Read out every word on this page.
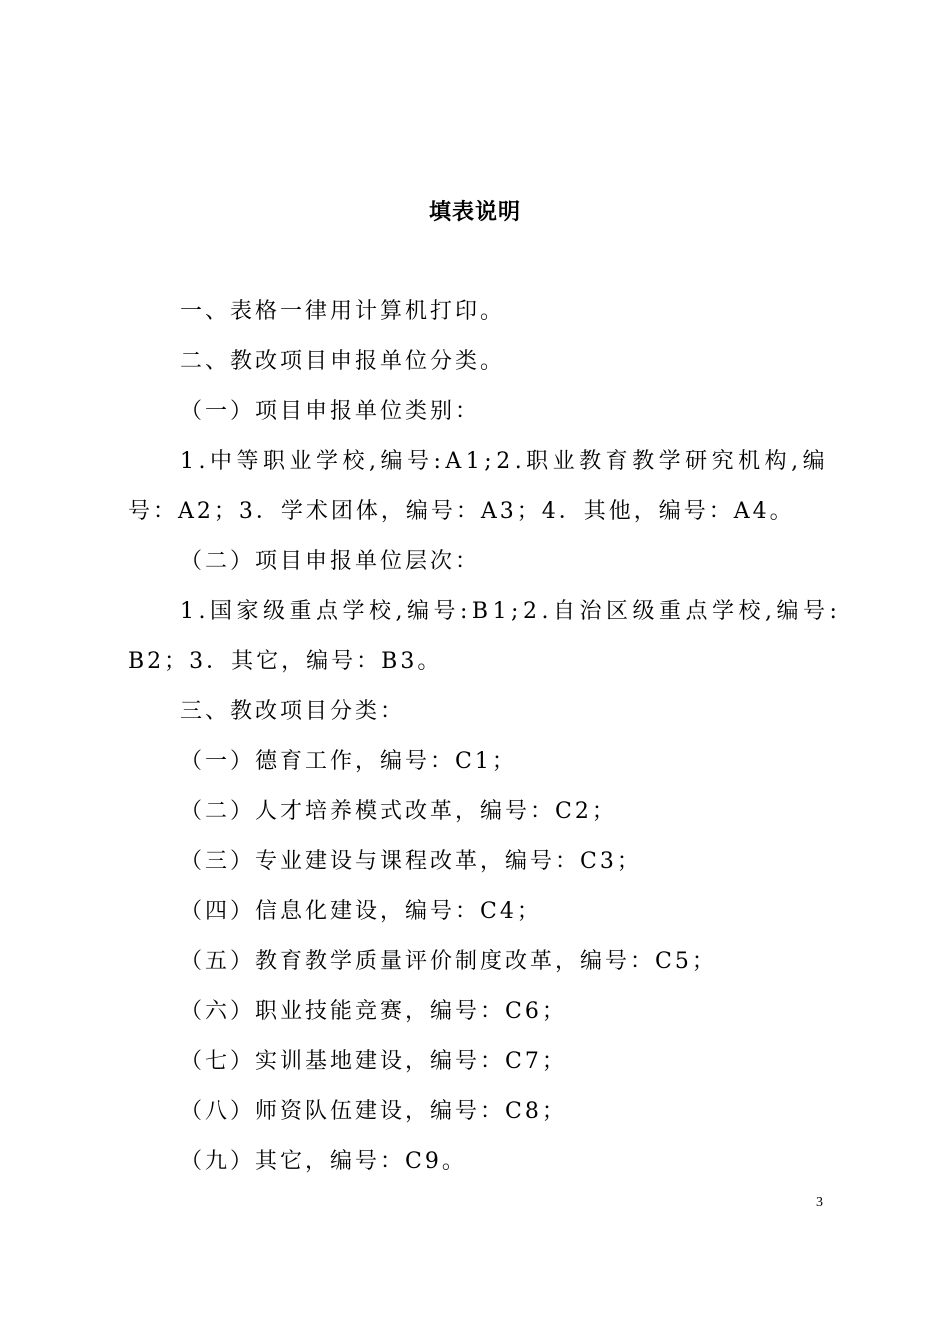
填表说明
一、表格一律用计算机打印。
二、教改项目申报单位分类。
（一）项目申报单位类别：
1.中等职业学校,编号:A1;2.职业教育教学研究机构,编
号：A2；3．学术团体，编号：A3；4．其他，编号：A4。
（二）项目申报单位层次：
1.国家级重点学校,编号:B1;2.自治区级重点学校,编号:
B2；3．其它，编号：B3。
三、教改项目分类：
（一）德育工作，编号：C1；
（二）人才培养模式改革，编号：C2；
（三）专业建设与课程改革，编号：C3；
（四）信息化建设，编号：C4；
（五）教育教学质量评价制度改革，编号：C5；
（六）职业技能竞赛，编号：C6；
（七）实训基地建设，编号：C7；
（八）师资队伍建设，编号：C8；
（九）其它，编号：C9。
3
